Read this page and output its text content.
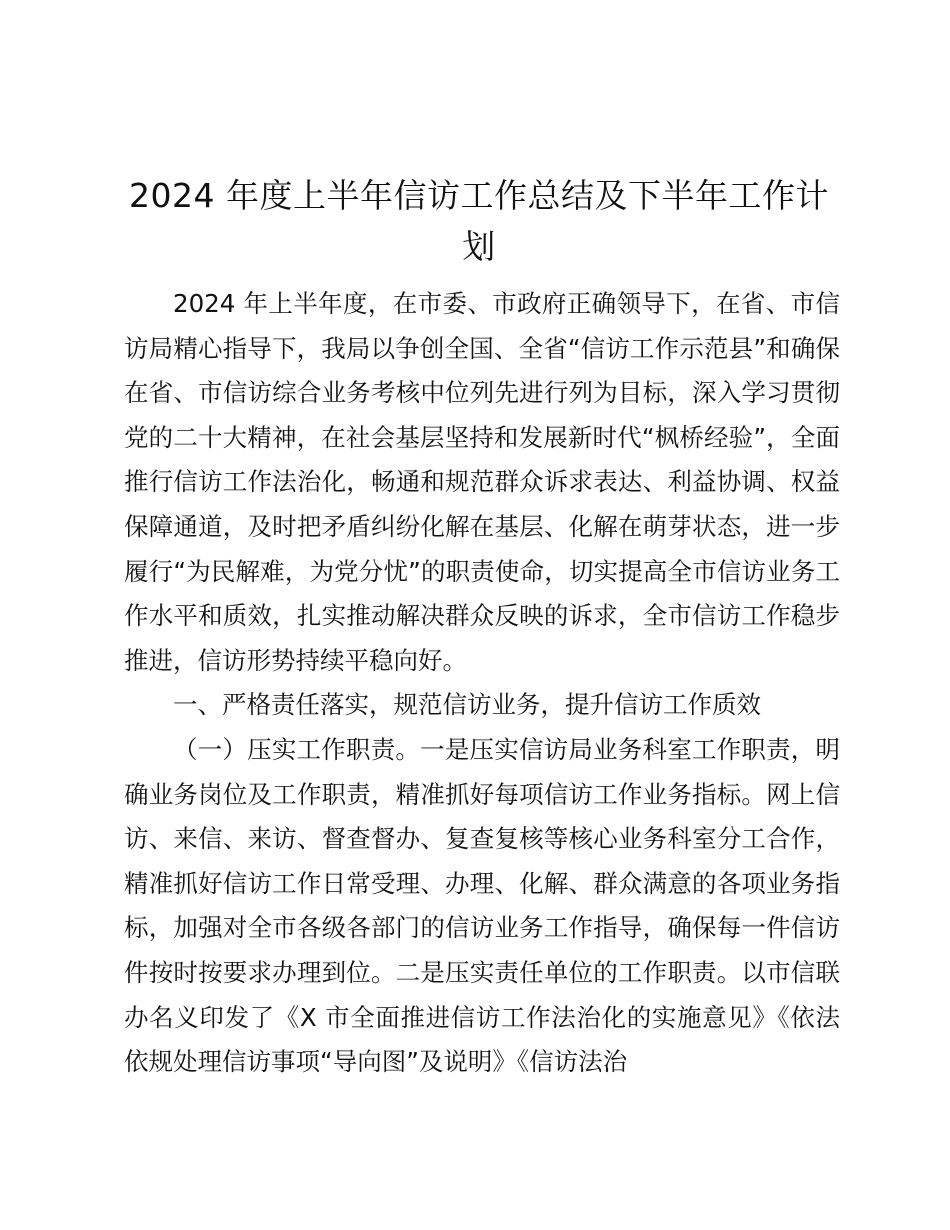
2024 年度上半年信访工作总结及下半年工作计划

2024 年上半年度，在市委、市政府正确领导下，在省、市信访局精心指导下，我局以争创全国、全省“信访工作示范县”和确保在省、市信访综合业务考核中位列先进行列为目标，深入学习贯彻党的二十大精神，在社会基层坚持和发展新时代“枫桥经验”，全面推行信访工作法治化，畅通和规范群众诉求表达、利益协调、权益保障通道，及时把矛盾纠纷化解在基层、化解在萌芽状态，进一步履行“为民解难，为党分忧”的职责使命，切实提高全市信访业务工作水平和质效，扎实推动解决群众反映的诉求，全市信访工作稳步推进，信访形势持续平稳向好。

一、严格责任落实，规范信访业务，提升信访工作质效

（一）压实工作职责。一是压实信访局业务科室工作职责，明确业务岗位及工作职责，精准抓好每项信访工作业务指标。网上信访、来信、来访、督查督办、复查复核等核心业务科室分工合作，精准抓好信访工作日常受理、办理、化解、群众满意的各项业务指标，加强对全市各级各部门的信访业务工作指导，确保每一件信访件按时按要求办理到位。二是压实责任单位的工作职责。以市信联办名义印发了《X 市全面推进信访工作法治化的实施意见》《依法依规处理信访事项“导向图”及说明》《信访法治
